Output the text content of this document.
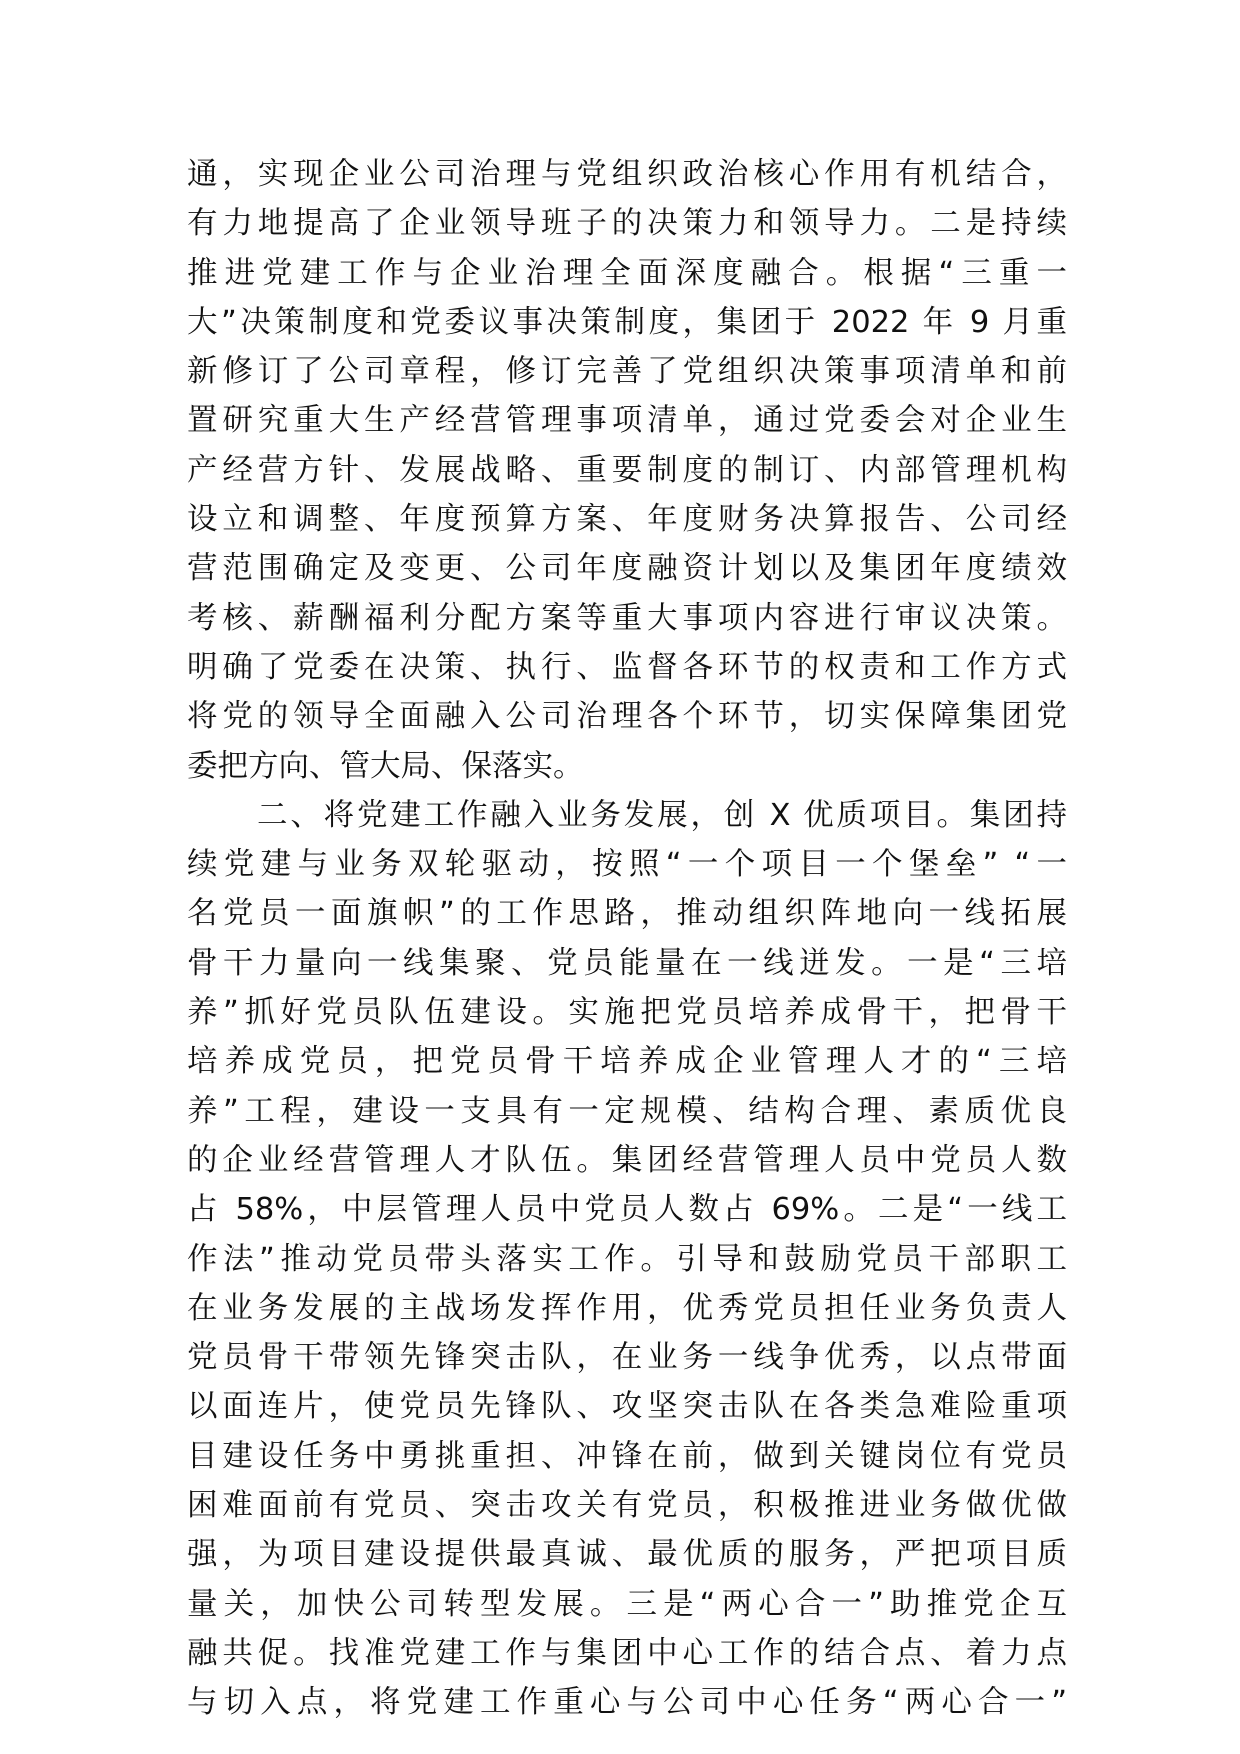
通，实现企业公司治理与党组织政治核心作用有机结合，
有力地提高了企业领导班子的决策力和领导力。二是持续
推进党建工作与企业治理全面深度融合。根据“三重一
大”决策制度和党委议事决策制度，集团于 2022 年 9 月重
新修订了公司章程，修订完善了党组织决策事项清单和前
置研究重大生产经营管理事项清单，通过党委会对企业生
产经营方针、发展战略、重要制度的制订、内部管理机构
设立和调整、年度预算方案、年度财务决算报告、公司经
营范围确定及变更、公司年度融资计划以及集团年度绩效
考核、薪酬福利分配方案等重大事项内容进行审议决策。
明确了党委在决策、执行、监督各环节的权责和工作方式
将党的领导全面融入公司治理各个环节，切实保障集团党
委把方向、管大局、保落实。
二、将党建工作融入业务发展，创 X 优质项目。集团持
续党建与业务双轮驱动，按照“一个项目一个堡垒” “一
名党员一面旗帜”的工作思路，推动组织阵地向一线拓展
骨干力量向一线集聚、党员能量在一线迸发。一是“三培
养”抓好党员队伍建设。实施把党员培养成骨干，把骨干
培养成党员，把党员骨干培养成企业管理人才的“三培
养”工程，建设一支具有一定规模、结构合理、素质优良
的企业经营管理人才队伍。集团经营管理人员中党员人数
占 58%，中层管理人员中党员人数占 69%。二是“一线工
作法”推动党员带头落实工作。引导和鼓励党员干部职工
在业务发展的主战场发挥作用，优秀党员担任业务负责人
党员骨干带领先锋突击队，在业务一线争优秀，以点带面
以面连片，使党员先锋队、攻坚突击队在各类急难险重项
目建设任务中勇挑重担、冲锋在前，做到关键岗位有党员
困难面前有党员、突击攻关有党员，积极推进业务做优做
强，为项目建设提供最真诚、最优质的服务，严把项目质
量关，加快公司转型发展。三是“两心合一”助推党企互
融共促。找准党建工作与集团中心工作的结合点、着力点
与切入点，将党建工作重心与公司中心任务“两心合一”
